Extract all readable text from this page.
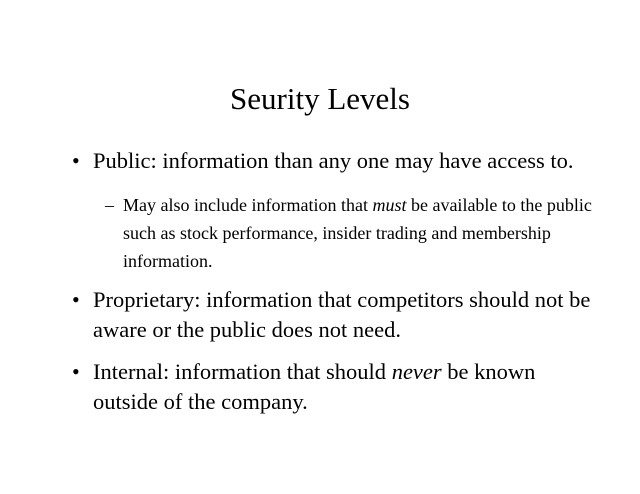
Seurity Levels
• Public: information than any one may have access to.
– May also include information that must be available to the public such as stock performance, insider trading and membership information.
• Proprietary: information that competitors should not be aware or the public does not need.
• Internal: information that should never be known outside of the company.
